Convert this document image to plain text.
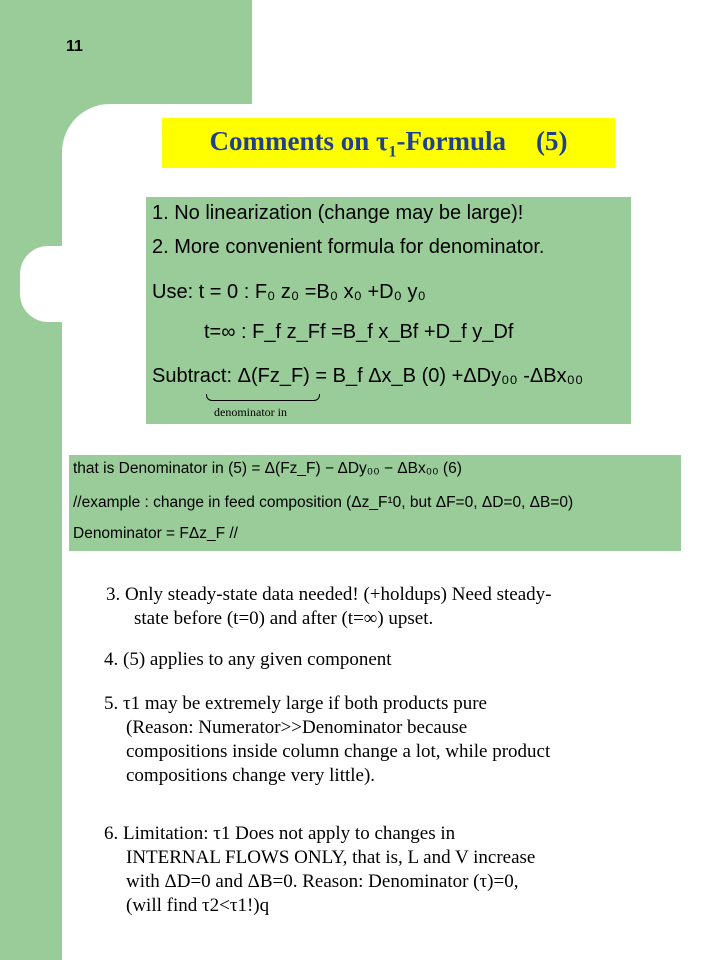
11
Comments on $\tau_1$-Formula (5)
1. No linearization (change may be large)!
2. More convenient formula for denominator.
Use: t = 0 : F₀ z₀ =B₀ x₀ +D₀ y₀
t=∞ : F_f z_Ff =B_f x_Bf +D_f y_Df
Subtract: Δ(Fz_F) = B_f Δx_B (0) +ΔDy₀₀ -ΔBx₀₀
denominator in
that is Denominator in (5) = Δ(Fz_F) − ΔDy₀₀ − ΔBx₀₀ (6)
//example : change in feed composition (Δz_F¹0, but ΔF=0, ΔD=0, ΔB=0)
Denominator = FΔz_F //
3. Only steady-state data needed! (+holdups) Need steady-
state before (t=0) and after (t=∞) upset.
4. (5) applies to any given component
5. τ1 may be extremely large if both products pure
(Reason: Numerator>>Denominator because
compositions inside column change a lot, while product
compositions change very little).
6. Limitation: τ1 Does not apply to changes in
INTERNAL FLOWS ONLY, that is, L and V increase
with ΔD=0 and ΔB=0. Reason: Denominator (τ)=0,
(will find τ2<τ1!)q
